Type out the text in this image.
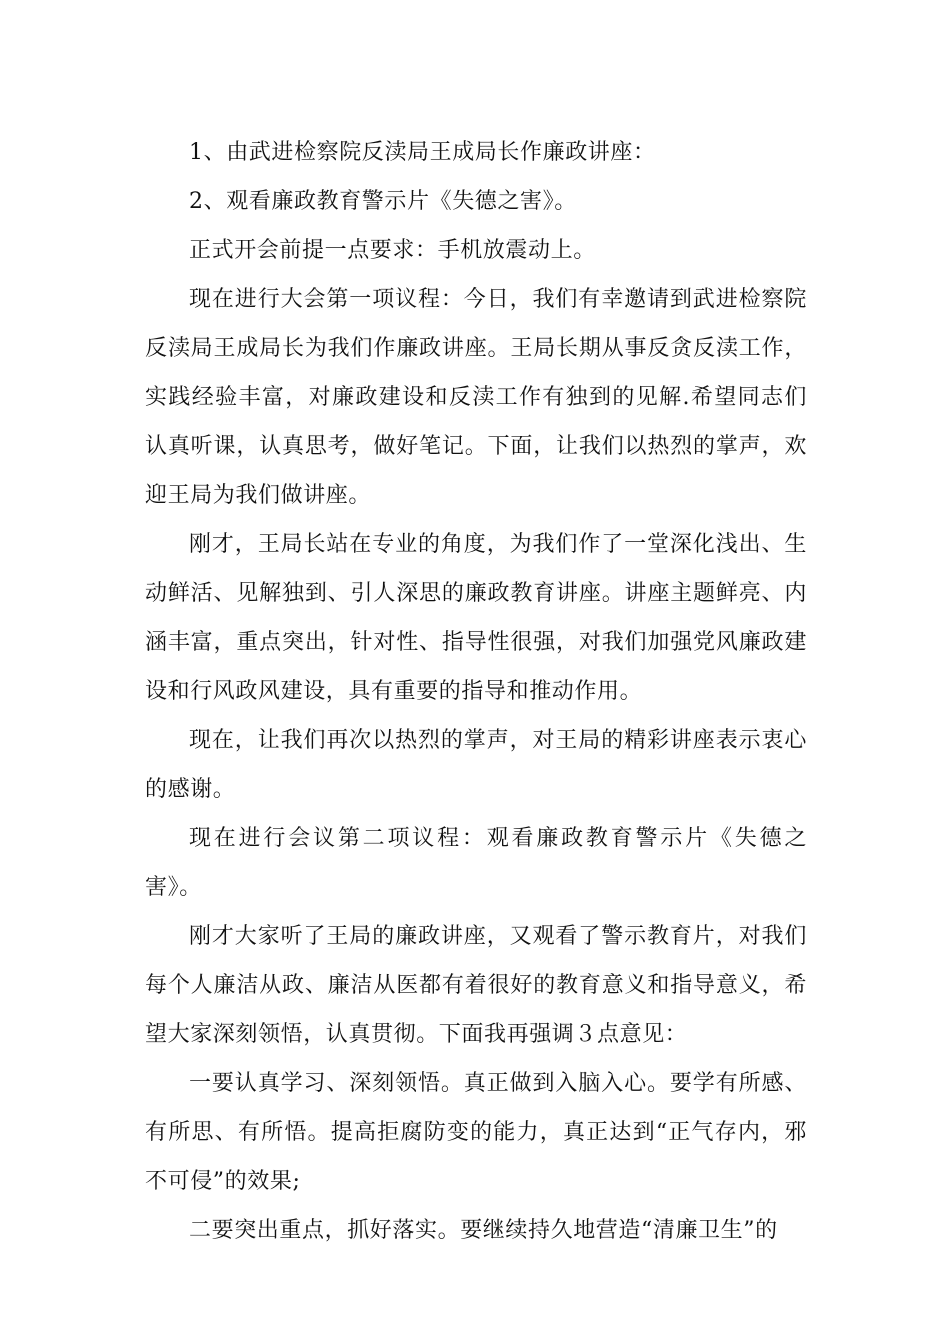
1、由武进检察院反渎局王成局长作廉政讲座：

2、观看廉政教育警示片《失德之害》。

正式开会前提一点要求：手机放震动上。

现在进行大会第一项议程：今日，我们有幸邀请到武进检察院反渎局王成局长为我们作廉政讲座。王局长期从事反贪反渎工作，实践经验丰富，对廉政建设和反渎工作有独到的见解.希望同志们认真听课，认真思考，做好笔记。下面，让我们以热烈的掌声，欢迎王局为我们做讲座。

刚才，王局长站在专业的角度，为我们作了一堂深化浅出、生动鲜活、见解独到、引人深思的廉政教育讲座。讲座主题鲜亮、内涵丰富，重点突出，针对性、指导性很强，对我们加强党风廉政建设和行风政风建设，具有重要的指导和推动作用。

现在，让我们再次以热烈的掌声，对王局的精彩讲座表示衷心的感谢。

现在进行会议第二项议程：观看廉政教育警示片《失德之害》。

刚才大家听了王局的廉政讲座，又观看了警示教育片，对我们每个人廉洁从政、廉洁从医都有着很好的教育意义和指导意义，希望大家深刻领悟，认真贯彻。下面我再强调３点意见：

一要认真学习、深刻领悟。真正做到入脑入心。要学有所感、有所思、有所悟。提高拒腐防变的能力，真正达到“正气存内，邪不可侵”的效果;

二要突出重点，抓好落实。要继续持久地营造“清廉卫生”的
